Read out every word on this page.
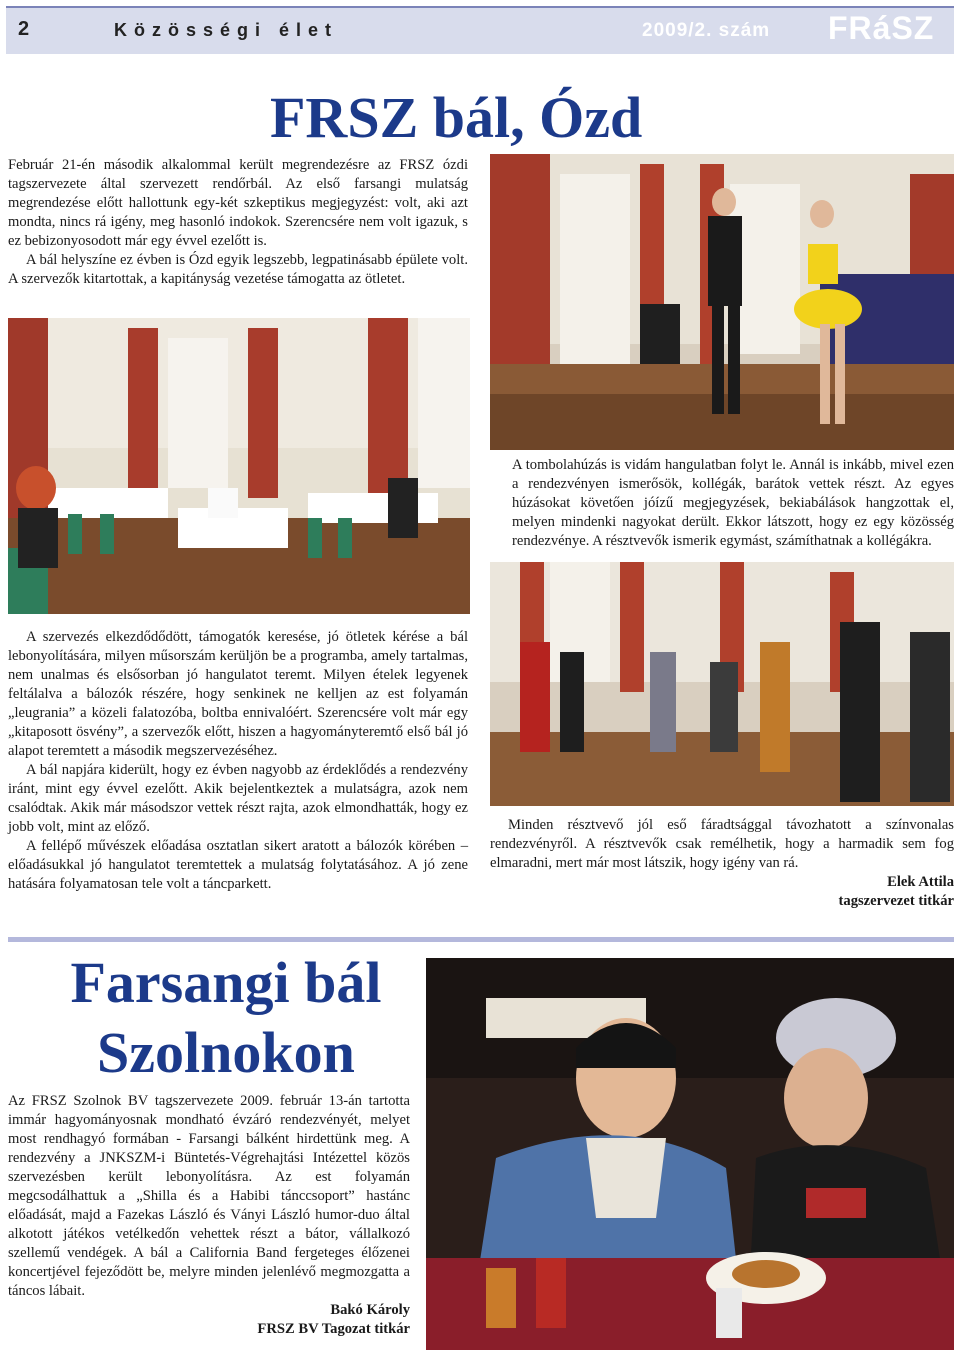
2	Közösségi élet	2009/2. szám FRáSZ
FRSZ bál, Ózd

Február 21-én második alkalommal került megrendezésre az FRSZ ózdi tagszervezete által szervezett rendőrbál. Az első farsangi mulatság megrendezése előtt hallottunk egy-két szkeptikus megjegyzést: volt, aki azt mondta, nincs rá igény, meg hasonló indokok. Szerencsére nem volt igazuk, s ez bebizonyosodott már egy évvel ezelőtt is.

A bál helyszíne ez évben is Ózd egyik legszebb, legpatinásabb épülete volt. A szervezők kitartottak, a kapitányság vezetése támogatta az ötletet.

A tombolahúzás is vidám hangulatban folyt le. Annál is inkább, mivel ezen a rendezvényen ismerősök, kollégák, barátok vettek részt. Az egyes húzásokat követően jóízű megjegyzések, bekiabálások hangzottak el, melyen mindenki nagyokat derült. Ekkor látszott, hogy ez egy közösség rendezvénye. A résztvevők ismerik egymást, számíthatnak a kollégákra.

A szervezés elkezdődődött, támogatók keresése, jó ötletek kérése a bál lebonyolítására, milyen műsorszám kerüljön be a programba, amely tartalmas, nem unalmas és elsősorban jó hangulatot teremt. Milyen ételek legyenek feltálalva a bálozók részére, hogy senkinek ne kelljen az est folyamán „leugrania” a közeli falatozóba, boltba ennivalóért. Szerencsére volt már egy „kitaposott ösvény”, a szervezők előtt, hiszen a hagyományteremtő első bál jó alapot teremtett a második megszervezéséhez.

A bál napjára kiderült, hogy ez évben nagyobb az érdeklődés a rendezvény iránt, mint egy évvel ezelőtt. Akik bejelentkeztek a mulatságra, azok nem csalódtak. Akik már másodszor vettek részt rajta, azok elmondhatták, hogy ez jobb volt, mint az előző.

A fellépő művészek előadása osztatlan sikert aratott a bálozók körében – előadásukkal jó hangulatot teremtettek a mulatság folytatásához. A jó zene hatására folyamatosan tele volt a táncparkett.

Minden résztvevő jól eső fáradtsággal távozhatott a színvonalas rendezvényről. A résztvevők csak remélhetik, hogy a harmadik sem fog elmaradni, mert már most látszik, hogy igény van rá.

Elek Attila
tagszervezet titkár
Farsangi bál
Szolnokon

Az FRSZ Szolnok BV tagszervezete 2009. február 13-án tartotta immár hagyományosnak mondható évzáró rendezvényét, melyet most rendhagyó formában - Farsangi bálként hirdettünk meg. A rendezvény a JNKSZM-i Büntetés-Végrehajtási Intézettel közös szervezésben került lebonyolításra. Az est folyamán megcsodálhattuk a „Shilla és a Habibi tánccsoport” hastánc előadását, majd a Fazekas László és Ványi László humor-duo által alkotott játékos vetélkedőn vehettek részt a bátor, vállalkozó szellemű vendégek. A bál a California Band fergeteges élőzenei koncertjével fejeződött be, melyre minden jelenlévő megmozgatta a táncos lábait.

Bakó Károly
FRSZ BV Tagozat titkár
